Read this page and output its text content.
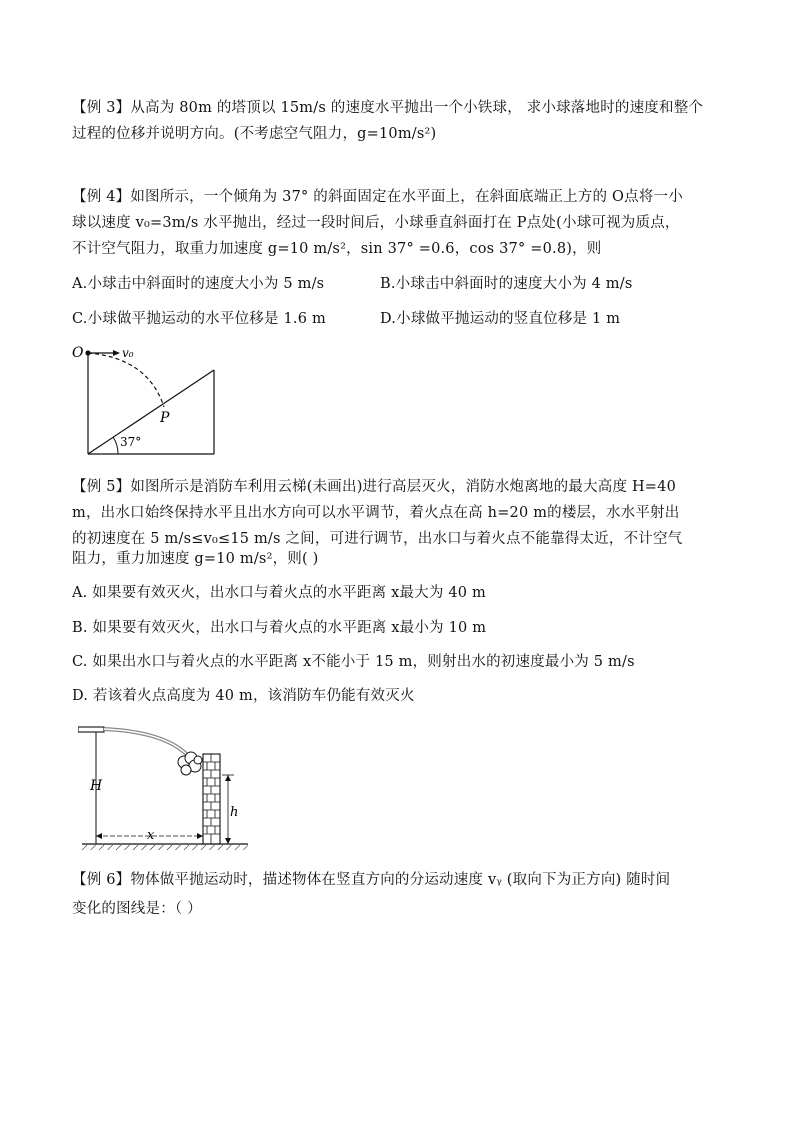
【例 3】从高为 80m 的塔顶以 15m/s 的速度水平抛出一个小铁球， 求小球落地时的速度和整个
过程的位移并说明方向。(不考虑空气阻力，g=10m/s²)
【例 4】如图所示，一个倾角为 37° 的斜面固定在水平面上，在斜面底端正上方的 O点将一小
球以速度 v₀=3m/s 水平抛出，经过一段时间后，小球垂直斜面打在 P点处(小球可视为质点，
不计空气阻力，取重力加速度 g=10 m/s²，sin 37° =0.6，cos 37° =0.8)，则
A.小球击中斜面时的速度大小为 5 m/s	B.小球击中斜面时的速度大小为 4 m/s
C.小球做平抛运动的水平位移是 1.6 m	D.小球做平抛运动的竖直位移是 1 m
O	v₀
P
37°
【例 5】如图所示是消防车利用云梯(未画出)进行高层灭火，消防水炮离地的最大高度 H=40
m，出水口始终保持水平且出水方向可以水平调节，着火点在高 h=20 m的楼层，水水平射出
的初速度在 5 m/s≤v₀≤15 m/s 之间，可进行调节，出水口与着火点不能靠得太近，不计空气
阻力，重力加速度 g=10 m/s²，则( )
A. 如果要有效灭火，出水口与着火点的水平距离 x最大为 40 m
B. 如果要有效灭火，出水口与着火点的水平距离 x最小为 10 m
C. 如果出水口与着火点的水平距离 x不能小于 15 m，则射出水的初速度最小为 5 m/s
D. 若该着火点高度为 40 m，该消防车仍能有效灭火
H
h
x
【例 6】物体做平抛运动时，描述物体在竖直方向的分运动速度 vᵧ (取向下为正方向) 随时间
变化的图线是：（ ）
